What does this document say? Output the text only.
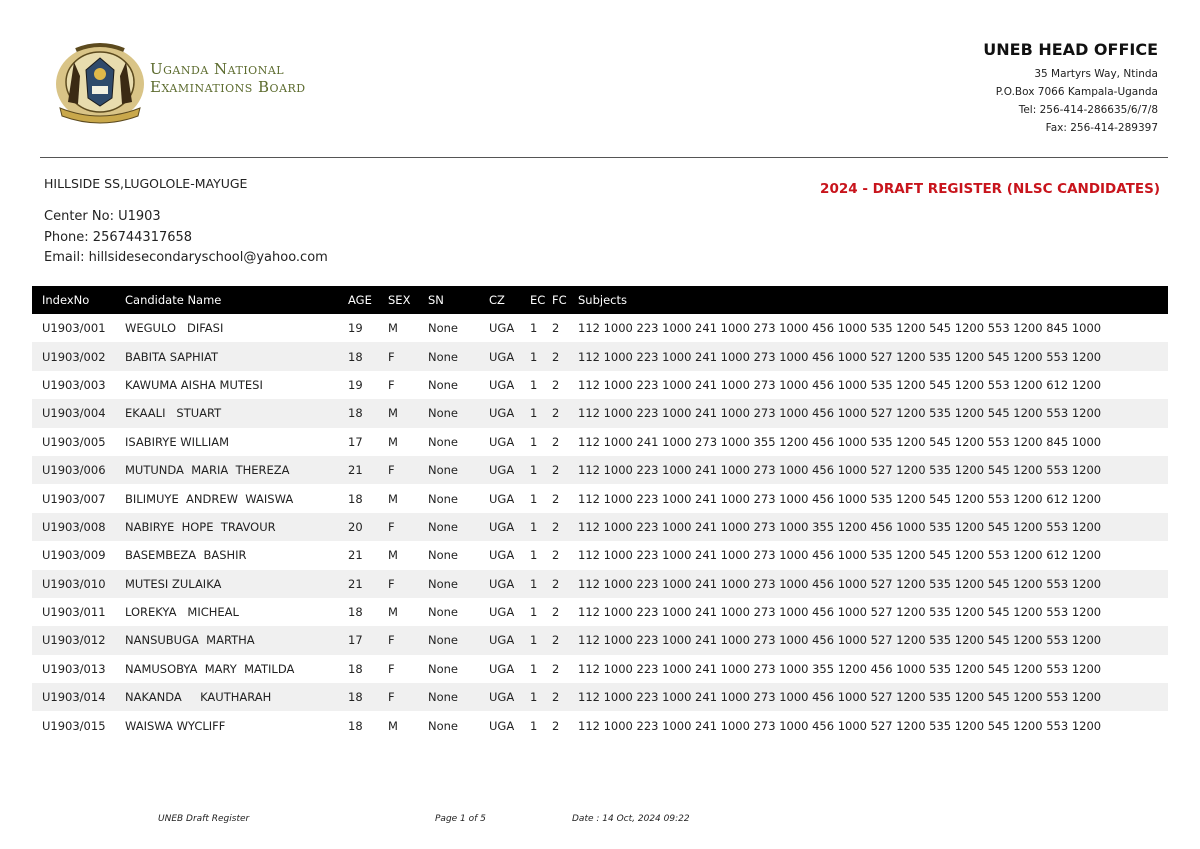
Uganda National
Examinations Board
UNEB HEAD OFFICE
35 Martyrs Way, Ntinda
P.O.Box 7066 Kampala-Uganda
Tel: 256-414-286635/6/7/8
Fax: 256-414-289397
HILLSIDE SS,LUGOLOLE-MAYUGE	2024 - DRAFT REGISTER (NLSC CANDIDATES)
Center No: U1903
Phone: 256744317658
Email: hillsidesecondaryschool@yahoo.com
IndexNo	Candidate Name	AGE	SEX	SN	CZ	EC	FC	Subjects
U1903/001	WEGULO   DIFASI	19	M	None	UGA	1	2	112 1000 223 1000 241 1000 273 1000 456 1000 535 1200 545 1200 553 1200 845 1000
U1903/002	BABITA SAPHIAT	18	F	None	UGA	1	2	112 1000 223 1000 241 1000 273 1000 456 1000 527 1200 535 1200 545 1200 553 1200
U1903/003	KAWUMA AISHA MUTESI	19	F	None	UGA	1	2	112 1000 223 1000 241 1000 273 1000 456 1000 535 1200 545 1200 553 1200 612 1200
U1903/004	EKAALI   STUART	18	M	None	UGA	1	2	112 1000 223 1000 241 1000 273 1000 456 1000 527 1200 535 1200 545 1200 553 1200
U1903/005	ISABIRYE WILLIAM	17	M	None	UGA	1	2	112 1000 241 1000 273 1000 355 1200 456 1000 535 1200 545 1200 553 1200 845 1000
U1903/006	MUTUNDA  MARIA  THEREZA	21	F	None	UGA	1	2	112 1000 223 1000 241 1000 273 1000 456 1000 527 1200 535 1200 545 1200 553 1200
U1903/007	BILIMUYE  ANDREW  WAISWA	18	M	None	UGA	1	2	112 1000 223 1000 241 1000 273 1000 456 1000 535 1200 545 1200 553 1200 612 1200
U1903/008	NABIRYE  HOPE  TRAVOUR	20	F	None	UGA	1	2	112 1000 223 1000 241 1000 273 1000 355 1200 456 1000 535 1200 545 1200 553 1200
U1903/009	BASEMBEZA  BASHIR	21	M	None	UGA	1	2	112 1000 223 1000 241 1000 273 1000 456 1000 535 1200 545 1200 553 1200 612 1200
U1903/010	MUTESI ZULAIKA	21	F	None	UGA	1	2	112 1000 223 1000 241 1000 273 1000 456 1000 527 1200 535 1200 545 1200 553 1200
U1903/011	LOREKYA   MICHEAL	18	M	None	UGA	1	2	112 1000 223 1000 241 1000 273 1000 456 1000 527 1200 535 1200 545 1200 553 1200
U1903/012	NANSUBUGA  MARTHA	17	F	None	UGA	1	2	112 1000 223 1000 241 1000 273 1000 456 1000 527 1200 535 1200 545 1200 553 1200
U1903/013	NAMUSOBYA  MARY  MATILDA	18	F	None	UGA	1	2	112 1000 223 1000 241 1000 273 1000 355 1200 456 1000 535 1200 545 1200 553 1200
U1903/014	NAKANDA     KAUTHARAH	18	F	None	UGA	1	2	112 1000 223 1000 241 1000 273 1000 456 1000 527 1200 535 1200 545 1200 553 1200
U1903/015	WAISWA WYCLIFF	18	M	None	UGA	1	2	112 1000 223 1000 241 1000 273 1000 456 1000 527 1200 535 1200 545 1200 553 1200
UNEB Draft Register	Page 1 of 5	Date : 14 Oct, 2024 09:22
